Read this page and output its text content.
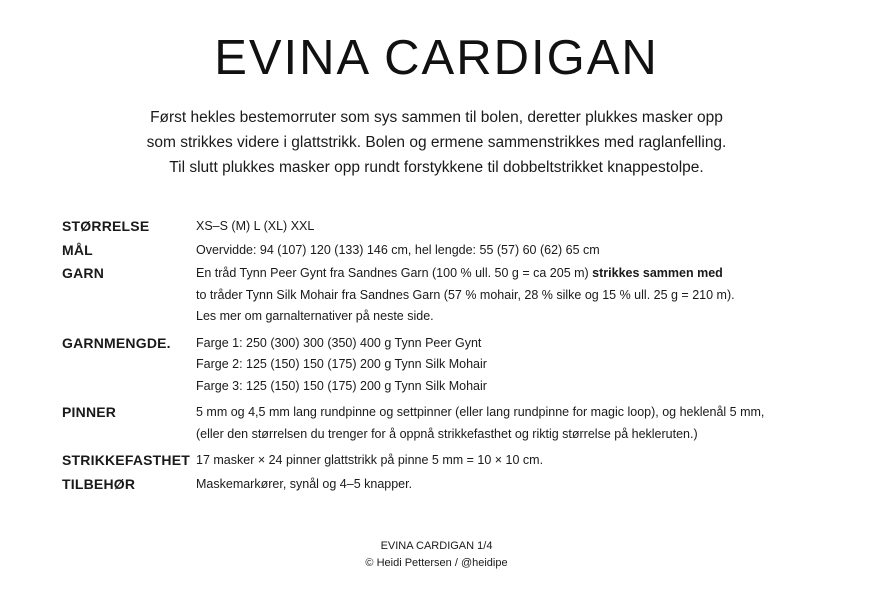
EVINA CARDIGAN
Først hekles bestemorruter som sys sammen til bolen, deretter plukkes masker opp
som strikkes videre i glattstrikk. Bolen og ermene sammenstrikkes med raglanfelling.
Til slutt plukkes masker opp rundt forstykkene til dobbeltstrikket knappestolpe.
STØRRELSE	XS–S (M) L (XL) XXL
MÅL	Overvidde: 94 (107) 120 (133) 146 cm, hel lengde: 55 (57) 60 (62) 65 cm
GARN	En tråd Tynn Peer Gynt fra Sandnes Garn (100 % ull. 50 g = ca 205 m) strikkes sammen med
to tråder Tynn Silk Mohair fra Sandnes Garn (57 % mohair, 28 % silke og 15 % ull. 25 g = 210 m).
Les mer om garnalternativer på neste side.
GARNMENGDE.	Farge 1: 250 (300) 300 (350) 400 g Tynn Peer Gynt
Farge 2: 125 (150) 150 (175) 200 g Tynn Silk Mohair
Farge 3: 125 (150) 150 (175) 200 g Tynn Silk Mohair
PINNER	5 mm og 4,5 mm lang rundpinne og settpinner (eller lang rundpinne for magic loop), og heklenål 5 mm,
(eller den størrelsen du trenger for å oppnå strikkefasthet og riktig størrelse på hekleruten.)
STRIKKEFASTHET 17 masker × 24 pinner glattstrikk på pinne 5 mm = 10 × 10 cm.
TILBEHØR	Maskemarkører, synål og 4–5 knapper.
EVINA CARDIGAN 1/4
© Heidi Pettersen / @heidipe
